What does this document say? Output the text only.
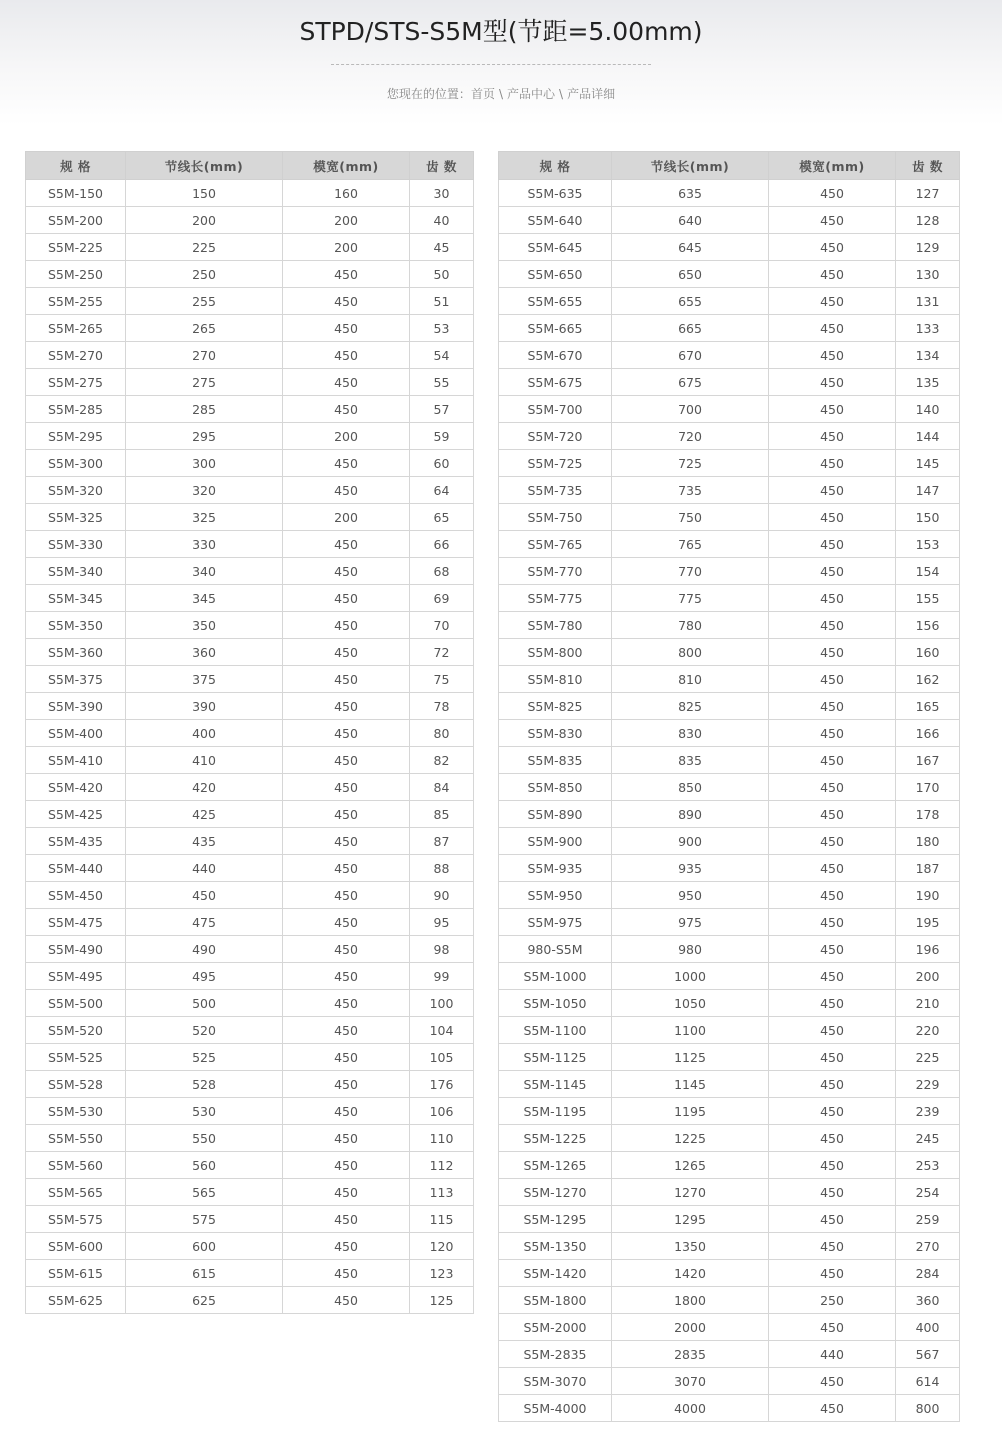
STPD/STS-S5M型(节距=5.00mm)
您现在的位置：首页 \ 产品中心 \ 产品详细
规 格	节线长(mm)	模宽(mm)	齿 数
S5M-150	150	160	30
S5M-200	200	200	40
S5M-225	225	200	45
S5M-250	250	450	50
S5M-255	255	450	51
S5M-265	265	450	53
S5M-270	270	450	54
S5M-275	275	450	55
S5M-285	285	450	57
S5M-295	295	200	59
S5M-300	300	450	60
S5M-320	320	450	64
S5M-325	325	200	65
S5M-330	330	450	66
S5M-340	340	450	68
S5M-345	345	450	69
S5M-350	350	450	70
S5M-360	360	450	72
S5M-375	375	450	75
S5M-390	390	450	78
S5M-400	400	450	80
S5M-410	410	450	82
S5M-420	420	450	84
S5M-425	425	450	85
S5M-435	435	450	87
S5M-440	440	450	88
S5M-450	450	450	90
S5M-475	475	450	95
S5M-490	490	450	98
S5M-495	495	450	99
S5M-500	500	450	100
S5M-520	520	450	104
S5M-525	525	450	105
S5M-528	528	450	176
S5M-530	530	450	106
S5M-550	550	450	110
S5M-560	560	450	112
S5M-565	565	450	113
S5M-575	575	450	115
S5M-600	600	450	120
S5M-615	615	450	123
S5M-625	625	450	125
规 格	节线长(mm)	模宽(mm)	齿 数
S5M-635	635	450	127
S5M-640	640	450	128
S5M-645	645	450	129
S5M-650	650	450	130
S5M-655	655	450	131
S5M-665	665	450	133
S5M-670	670	450	134
S5M-675	675	450	135
S5M-700	700	450	140
S5M-720	720	450	144
S5M-725	725	450	145
S5M-735	735	450	147
S5M-750	750	450	150
S5M-765	765	450	153
S5M-770	770	450	154
S5M-775	775	450	155
S5M-780	780	450	156
S5M-800	800	450	160
S5M-810	810	450	162
S5M-825	825	450	165
S5M-830	830	450	166
S5M-835	835	450	167
S5M-850	850	450	170
S5M-890	890	450	178
S5M-900	900	450	180
S5M-935	935	450	187
S5M-950	950	450	190
S5M-975	975	450	195
980-S5M	980	450	196
S5M-1000	1000	450	200
S5M-1050	1050	450	210
S5M-1100	1100	450	220
S5M-1125	1125	450	225
S5M-1145	1145	450	229
S5M-1195	1195	450	239
S5M-1225	1225	450	245
S5M-1265	1265	450	253
S5M-1270	1270	450	254
S5M-1295	1295	450	259
S5M-1350	1350	450	270
S5M-1420	1420	450	284
S5M-1800	1800	250	360
S5M-2000	2000	450	400
S5M-2835	2835	440	567
S5M-3070	3070	450	614
S5M-4000	4000	450	800
